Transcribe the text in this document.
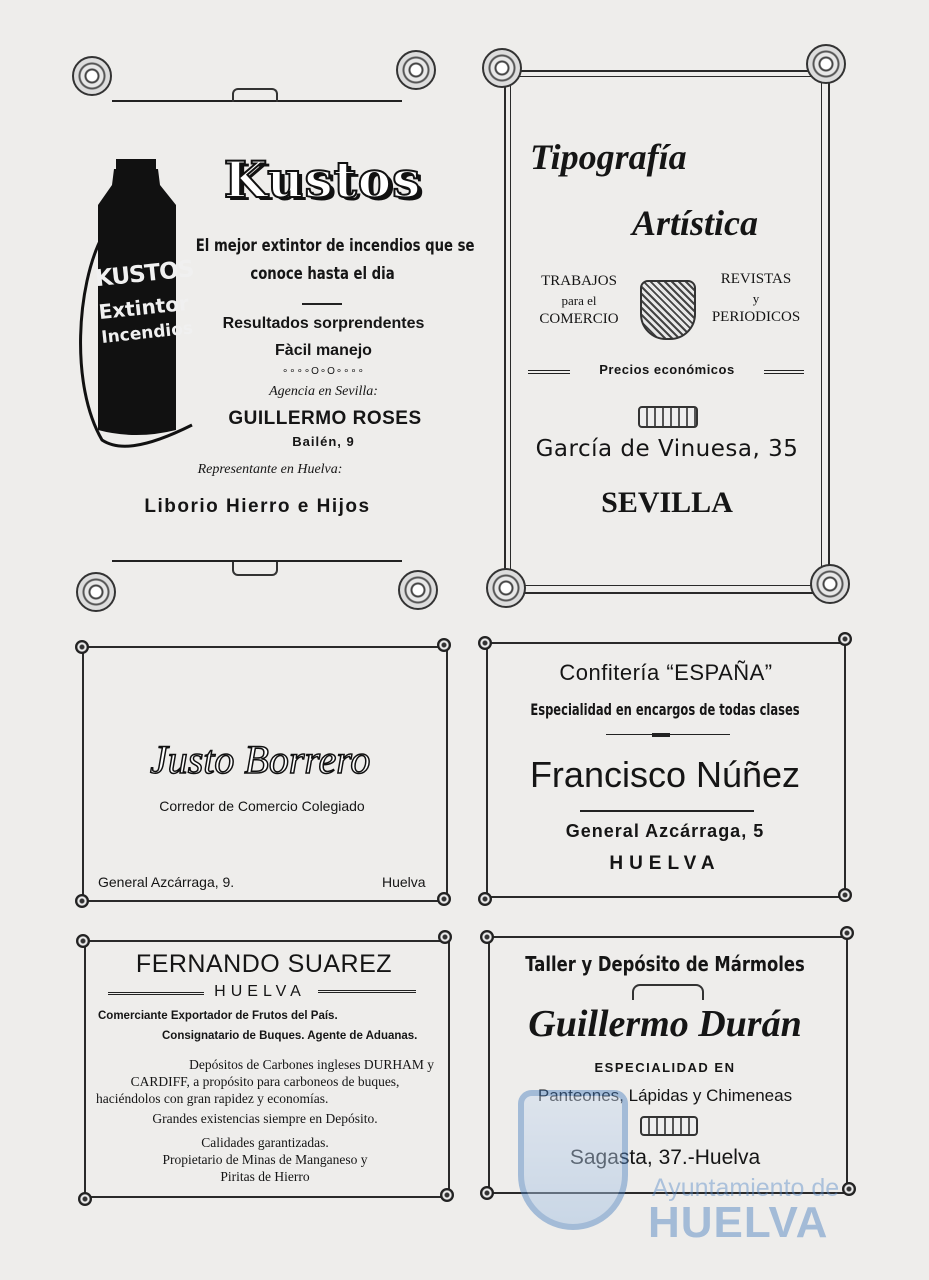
KUSTOS
Extintor
Incendios
Kustos
El mejor extintor de incendios que se
conoce hasta el dia
Resultados sorprendentes
Fàcil manejo
∘∘∘∘O∘O∘∘∘∘
Agencia en Sevilla:
GUILLERMO ROSES
Bailén, 9
Representante en Huelva:
Liborio Hierro e Hijos
Tipografía
Artística
TRABAJOS
para el
COMERCIO
REVISTAS
y
PERIODICOS
Precios económicos
García de Vinuesa, 35
SEVILLA
Justo Borrero
Corredor de Comercio Colegiado
General Azcárraga, 9.	Huelva
Confitería “ESPAÑA”
Especialidad en encargos de todas clases
Francisco Núñez
General Azcárraga, 5
HUELVA
FERNANDO SUAREZ
HUELVA
Comerciante Exportador de Frutos del País.
Consignatario de Buques. Agente de Aduanas.
Depósitos de Carbones ingleses DURHAM y
CARDIFF, a propósito para carboneos de buques,
haciéndolos con gran rapidez y economías.
Grandes existencias siempre en Depósito.
Calidades garantizadas.
Propietario de Minas de Manganeso y
Piritas de Hierro
Taller y Depósito de Mármoles
Guillermo Durán
ESPECIALIDAD EN
Panteones, Lápidas y Chimeneas
Sagasta, 37.-Huelva
Ayuntamiento de
HUELVA
